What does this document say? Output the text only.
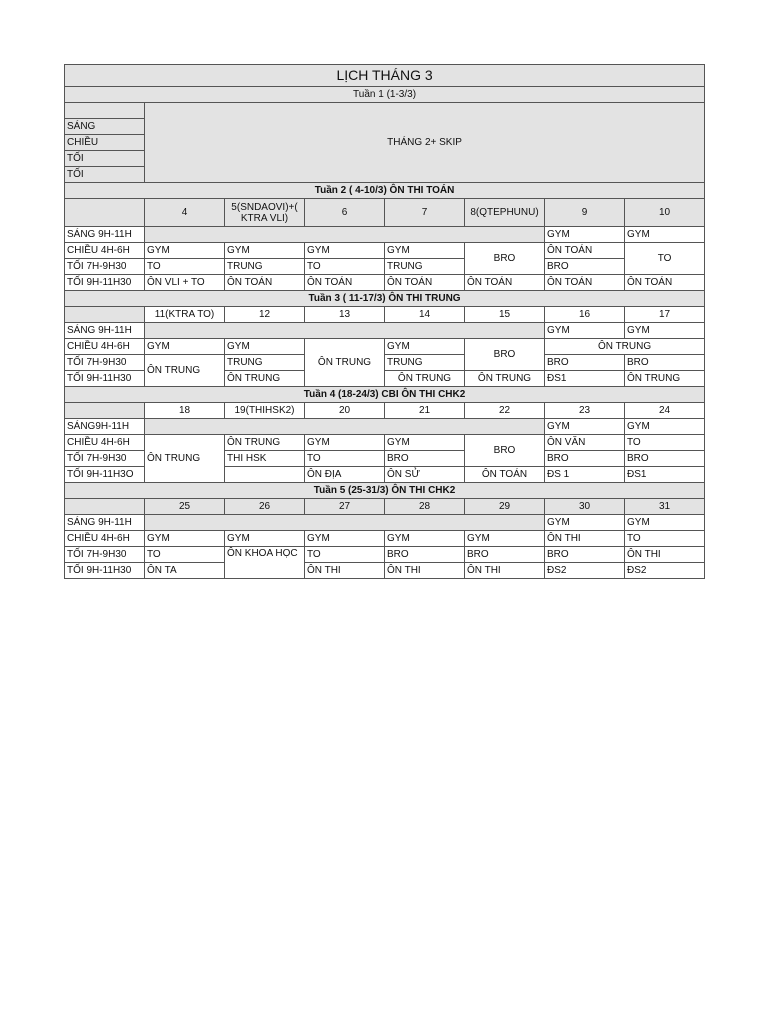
LỊCH THÁNG 3							
Tuần 1 (1-3/3)							
	THÁNG 2+ SKIP						
SÁNG							
CHIỀU							
TỐI							
TỐI							
Tuần 2 ( 4-10/3) ÔN THI TOÁN							
	4	5(SNDAOVI)+( KTRA VLI)	6	7	8(QTEPHUNU)	9	10
SÁNG 9H-11H						GYM	GYM
CHIỀU 4H-6H	GYM	GYM	GYM	GYM	BRO	ÔN TOÁN	TO
TỐI 7H-9H30	TO	TRUNG	TO	TRUNG		BRO	
TỐI 9H-11H30	ÔN VLI + TO	ÔN TOÁN	ÔN TOÁN	ÔN TOÁN	ÔN TOÁN	ÔN TOÁN	ÔN TOÁN
Tuần 3 ( 11-17/3) ÔN THI TRUNG							
	11(KTRA TO)	12	13	14	15	16	17
SÁNG 9H-11H						GYM	GYM
CHIỀU 4H-6H	GYM	GYM	ÔN TRUNG	GYM	BRO	ÔN TRUNG	
TỐI 7H-9H30	ÔN TRUNG	TRUNG		TRUNG		BRO	BRO
TỐI 9H-11H30		ÔN TRUNG		ÔN TRUNG	ÔN TRUNG	ĐS1	ÔN TRUNG
Tuần 4 (18-24/3) CBI ÔN THI CHK2							
	18	19(THIHSK2)	20	21	22	23	24
SÁNG9H-11H						GYM	GYM
CHIỀU 4H-6H	ÔN TRUNG	ÔN TRUNG	GYM	GYM	BRO	ÔN VĂN	TO
TỐI 7H-9H30		THI HSK	TO	BRO		BRO	BRO
TỐI 9H-11H3O			ÔN ĐỊA	ÔN SỬ	ÔN TOÁN	ĐS 1	ĐS1
Tuần 5 (25-31/3) ÔN THI CHK2							
	25	26	27	28	29	30	31
SÁNG 9H-11H						GYM	GYM
CHIỀU 4H-6H	GYM	GYM	GYM	GYM	GYM	ÔN THI	TO
TỐI 7H-9H30	TO	ÔN KHOA HỌC	TO	BRO	BRO	BRO	ÔN THI
TỐI 9H-11H30	ÔN TA		ÔN THI	ÔN THI	ÔN THI	ĐS2	ĐS2
